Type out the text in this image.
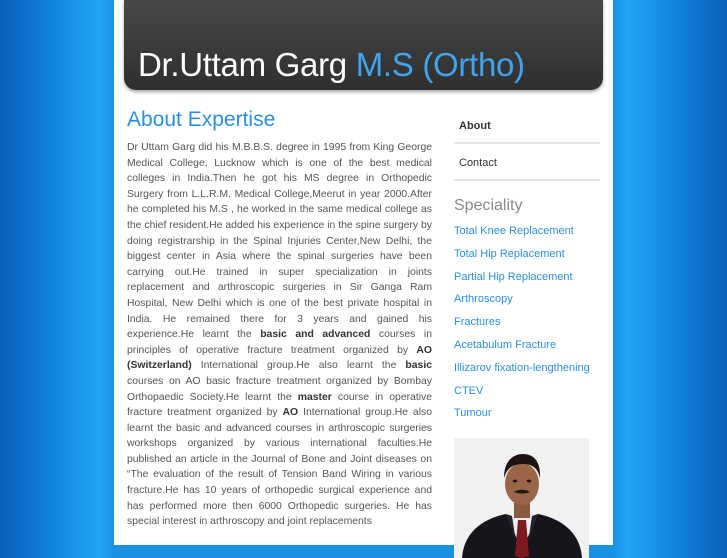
Dr.Uttam Garg M.S (Ortho)
About Expertise

Dr Uttam Garg did his M.B.B.S. degree in 1995 from King George Medical College, Lucknow which is one of the best medical colleges in India.Then he got his MS degree in Orthopedic Surgery from L.L.R.M. Medical College,Meerut in year 2000.After he completed his M.S , he worked in the same medical college as the chief resident.He added his experience in the spine surgery by doing registrarship in the Spinal Injuries Center,New Delhi, the biggest center in Asia where the spinal surgeries have been carrying out.He trained in super specialization in joints replacement and arthroscopic surgeries in Sir Ganga Ram Hospital, New Delhi which is one of the best private hospital in India. He remained there for 3 years and gained his experience.He learnt the basic and advanced courses in principles of operative fracture treatment organized by AO (Switzerland) International group.He also learnt the basic courses on AO basic fracture treatment organized by Bombay Orthopaedic Society.He learnt the master course in operative fracture treatment organized by AO International group.He also learnt the basic and advanced courses in arthroscopic surgeries workshops organized by various international faculties.He published an article in the Journal of Bone and Joint diseases on “The evaluation of the result of Tension Band Wiring in various fracture.He has 10 years of orthopedic surgical experience and has performed more then 6000 Orthopedic surgeries. He has special interest in arthroscopy and joint replacements

About
Contact
Speciality
Total Knee Replacement
Total Hip Replacement
Partial Hip Replacement
Arthroscopy
Fractures
Acetabulum Fracture
Illizarov fixation-lengthening
CTEV
Tumour
